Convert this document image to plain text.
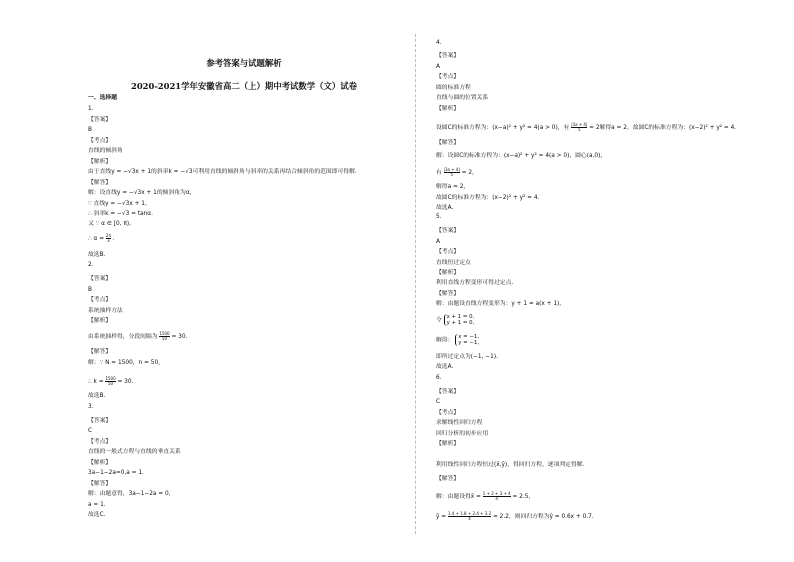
参考答案与试题解析
2020-2021学年安徽省高二（上）期中考试数学（文）试卷
一、选择题
1.
【答案】
B
【考点】
直线的倾斜角
【解析】
由于直线y = −√3x + 1的斜率k = −√3可利用直线的倾斜角与斜率的关系再结合倾斜角的范围即可得解.
【解答】
解：设直线y = −√3x + 1的倾斜角为α，
∵ 直线y = −√3x + 1，
∴ 斜率k = −√3 = tanα.
又 ∵ α ∈ [0, π)，
∴ $\alpha = \frac{2\pi}{3}$ .
故选B.
2.
【答案】
B
【考点】
系统抽样方法
【解析】
由系统抽样得，分段间隔为 $\frac{1500}{50} = 30$.
【解答】
解：∵ N = 1500，n = 50，
∴ $k = \frac{1500}{50} = 30$.
故选B.
3.
【答案】
C
【考点】
直线的一般式方程与直线的垂直关系
【解析】
3a−1−2a=0,a = 1.
【解答】
解：由题意得，3a−1−2a = 0，
a = 1.
故选C.
4.
【答案】
A
【考点】
圆的标准方程
直线与圆的位置关系
【解析】
设圆C的标准方程为：(x−a)² + y² = 4(a > 0)，有 $\frac{|3a + 4|}{5} = 2$解得a = 2，故圆C的标准方程为：(x−2)² + y² = 4.
【解答】
解：设圆C的标准方程为：(x−a)² + y² = 4(a > 0)，圆心(a,0)，
有 $\frac{|3a + 4|}{5} = 2$，
解得a = 2，
故圆C的标准方程为：(x−2)² + y² = 4.
故选A.
5.
【答案】
A
【考点】
直线恒过定点
【解析】
利用直线方程变形可得过定点.
【解答】
解：由题设直线方程变形为：y + 1 = a(x + 1)，
令
x + 1 = 0,
y + 1 = 0,
解得：
x = −1,
y = −1,
即所过定点为(−1, −1).
故选A.
6.
【答案】
C
【考点】
求解线性回归方程
回归分析的初步应用
【解析】
利用线性回归方程恒过(x̄,ȳ)，得回归方程，逐项判定得解.
【解答】
解：由题设得x̄ = $\frac{1 + 2 + 3 + 4}{4} = 2.5$，
ȳ = $\frac{1.4 + 1.8 + 2.4 + 3.2}{4} = 2.2$，则回归方程为ŷ = 0.6x + 0.7.
